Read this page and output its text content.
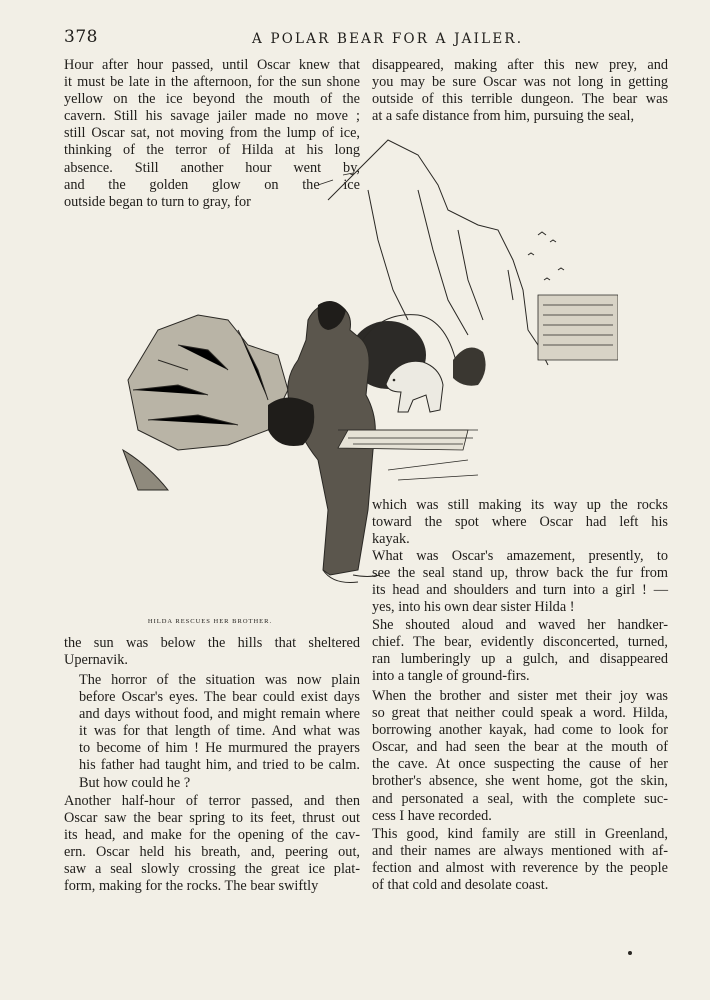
378	A POLAR BEAR FOR A JAILER.
Hour after hour passed, until Oscar knew that
it must be late in the afternoon, for the sun shone
yellow on the ice beyond the mouth of the
cavern. Still his savage jailer made no move ;
still Oscar sat, not moving from the lump of ice,
thinking of the terror of Hilda at his long
absence. Still another hour went by,
and the golden glow on the ice
outside began to turn to gray, for
the sun was below the hills that sheltered
Upernavik.
The horror of the situation was now plain
before Oscar's eyes. The bear could exist days
and days without food, and might remain where
it was for that length of time. And what was
to become of him ! He murmured the prayers
his father had taught him, and tried to be calm.
But how could he ?
Another half-hour of terror passed, and then
Oscar saw the bear spring to its feet, thrust out
its head, and make for the opening of the cav-
ern. Oscar held his breath, and, peering out,
saw a seal slowly crossing the great ice plat-
form, making for the rocks. The bear swiftly
disappeared, making after this new prey, and
you may be sure Oscar was not long in getting
outside of this terrible dungeon. The bear was
at a safe distance from him, pursuing the seal,
which was still making its way up the rocks
toward the spot where Oscar had left his
kayak.
What was Oscar's amazement, presently, to
see the seal stand up, throw back the fur from
its head and shoulders and turn into a girl ! —
yes, into his own dear sister Hilda !
She shouted aloud and waved her handker-
chief. The bear, evidently disconcerted, turned,
ran lumberingly up a gulch, and disappeared
into a tangle of ground-firs.
When the brother and sister met their joy was
so great that neither could speak a word. Hilda,
borrowing another kayak, had come to look for
Oscar, and had seen the bear at the mouth of
the cave. At once suspecting the cause of her
brother's absence, she went home, got the skin,
and personated a seal, with the complete suc-
cess I have recorded.
This good, kind family are still in Greenland,
and their names are always mentioned with af-
fection and almost with reverence by the people
of that cold and desolate coast.
HILDA RESCUES HER BROTHER.
